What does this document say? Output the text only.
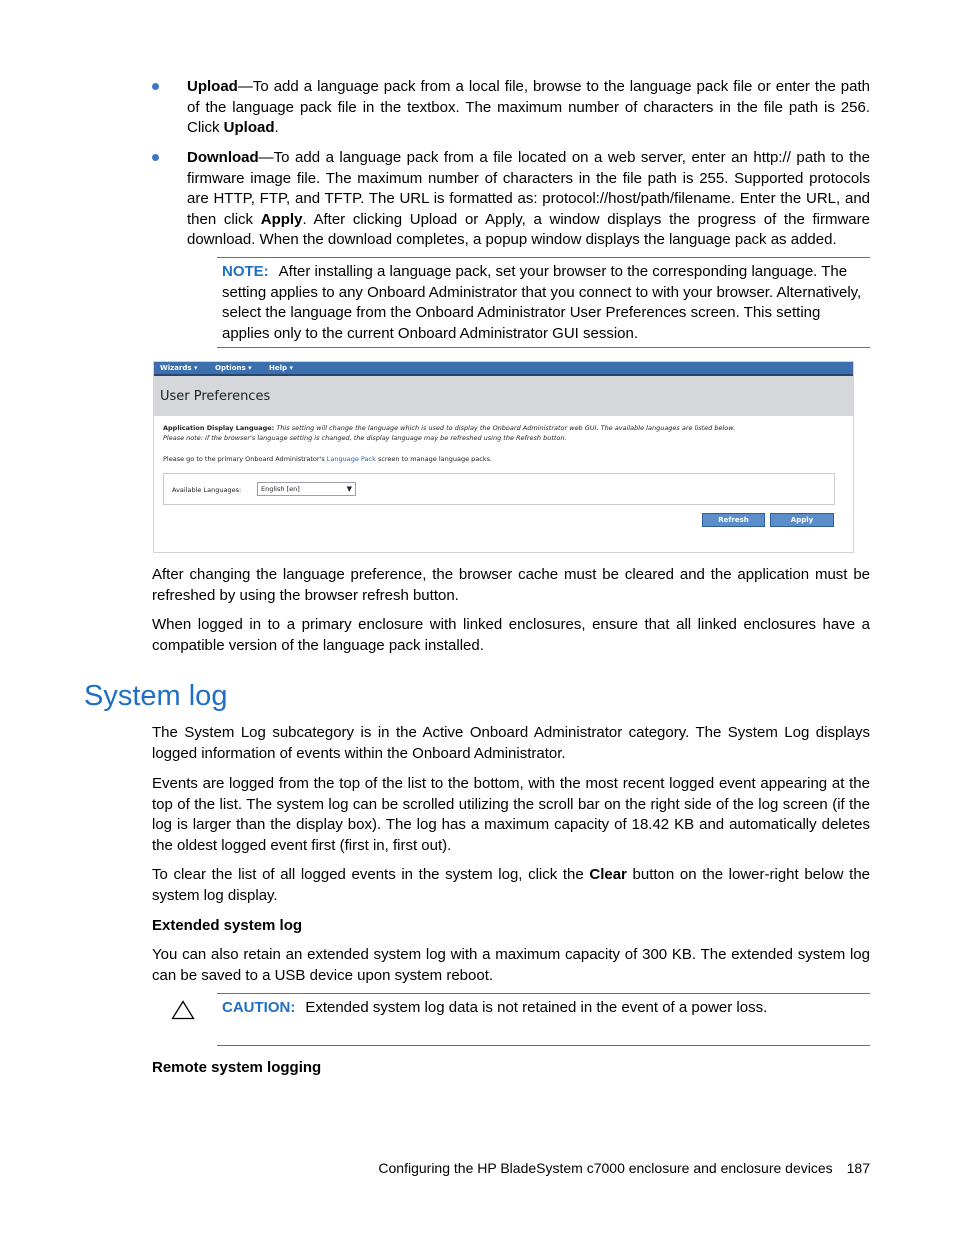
Upload—To add a language pack from a local file, browse to the language pack file or enter the path of the language pack file in the textbox. The maximum number of characters in the file path is 256. Click Upload.
Download—To add a language pack from a file located on a web server, enter an http:// path to the firmware image file. The maximum number of characters in the file path is 255. Supported protocols are HTTP, FTP, and TFTP. The URL is formatted as: protocol://host/path/filename. Enter the URL, and then click Apply. After clicking Upload or Apply, a window displays the progress of the firmware download. When the download completes, a popup window displays the language pack as added.
NOTE: After installing a language pack, set your browser to the corresponding language. The setting applies to any Onboard Administrator that you connect to with your browser. Alternatively, select the language from the Onboard Administrator User Preferences screen. This setting applies only to the current Onboard Administrator GUI session.
Wizards ▾	Options ▾ Help ▾
User Preferences
Application Display Language: This setting will change the language which is used to display the Onboard Administrator web GUI. The available languages are listed below.
Please note: if the browser's language setting is changed, the display language may be refreshed using the Refresh button.
Please go to the primary Onboard Administrator's Language Pack screen to manage language packs.
Available Languages:	English [en]	▼
Refresh	Apply
After changing the language preference, the browser cache must be cleared and the application must be refreshed by using the browser refresh button.
When logged in to a primary enclosure with linked enclosures, ensure that all linked enclosures have a compatible version of the language pack installed.
System log
The System Log subcategory is in the Active Onboard Administrator category. The System Log displays logged information of events within the Onboard Administrator.
Events are logged from the top of the list to the bottom, with the most recent logged event appearing at the top of the list. The system log can be scrolled utilizing the scroll bar on the right side of the log screen (if the log is larger than the display box). The log has a maximum capacity of 18.42 KB and automatically deletes the oldest logged event first (first in, first out).
To clear the list of all logged events in the system log, click the Clear button on the lower-right below the system log display.
Extended system log
You can also retain an extended system log with a maximum capacity of 300 KB. The extended system log can be saved to a USB device upon system reboot.
CAUTION: Extended system log data is not retained in the event of a power loss.
Remote system logging
Configuring the HP BladeSystem c7000 enclosure and enclosure devices 187
